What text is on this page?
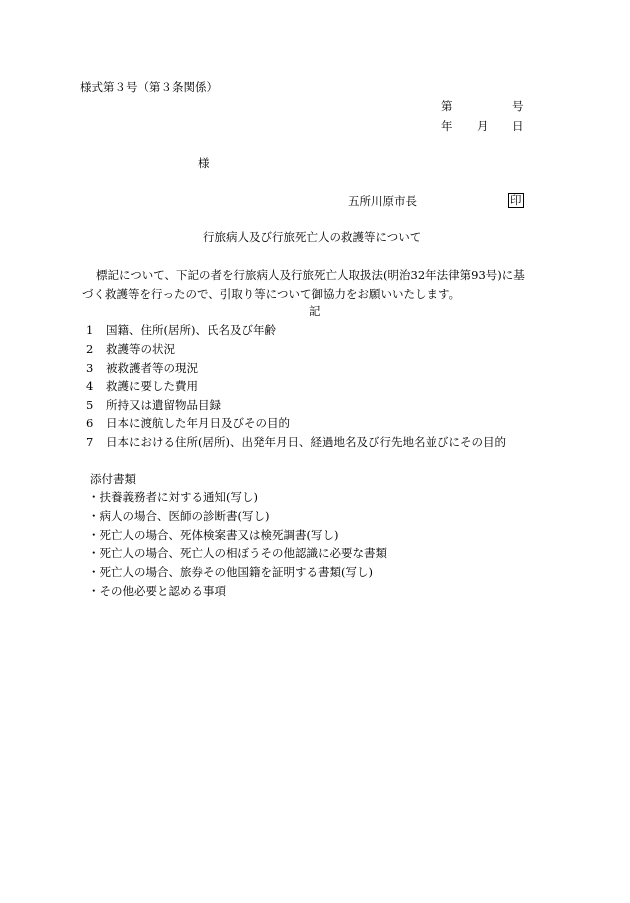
様式第３号（第３条関係）
第	号
年 月 日
様
五所川原市長	印
行旅病人及び行旅死亡人の救護等について
標記について、下記の者を行旅病人及行旅死亡人取扱法(明治32年法律第93号)に基づく救護等を行ったので、引取り等について御協力をお願いいたします。
記
1 国籍、住所(居所)、氏名及び年齢
2 救護等の状況
3 被救護者等の現況
4 救護に要した費用
5 所持又は遺留物品目録
6 日本に渡航した年月日及びその目的
7 日本における住所(居所)、出発年月日、経過地名及び行先地名並びにその目的
添付書類
・扶養義務者に対する通知(写し)
・病人の場合、医師の診断書(写し)
・死亡人の場合、死体検案書又は検死調書(写し)
・死亡人の場合、死亡人の相ぼうその他認識に必要な書類
・死亡人の場合、旅券その他国籍を証明する書類(写し)
・その他必要と認める事項
